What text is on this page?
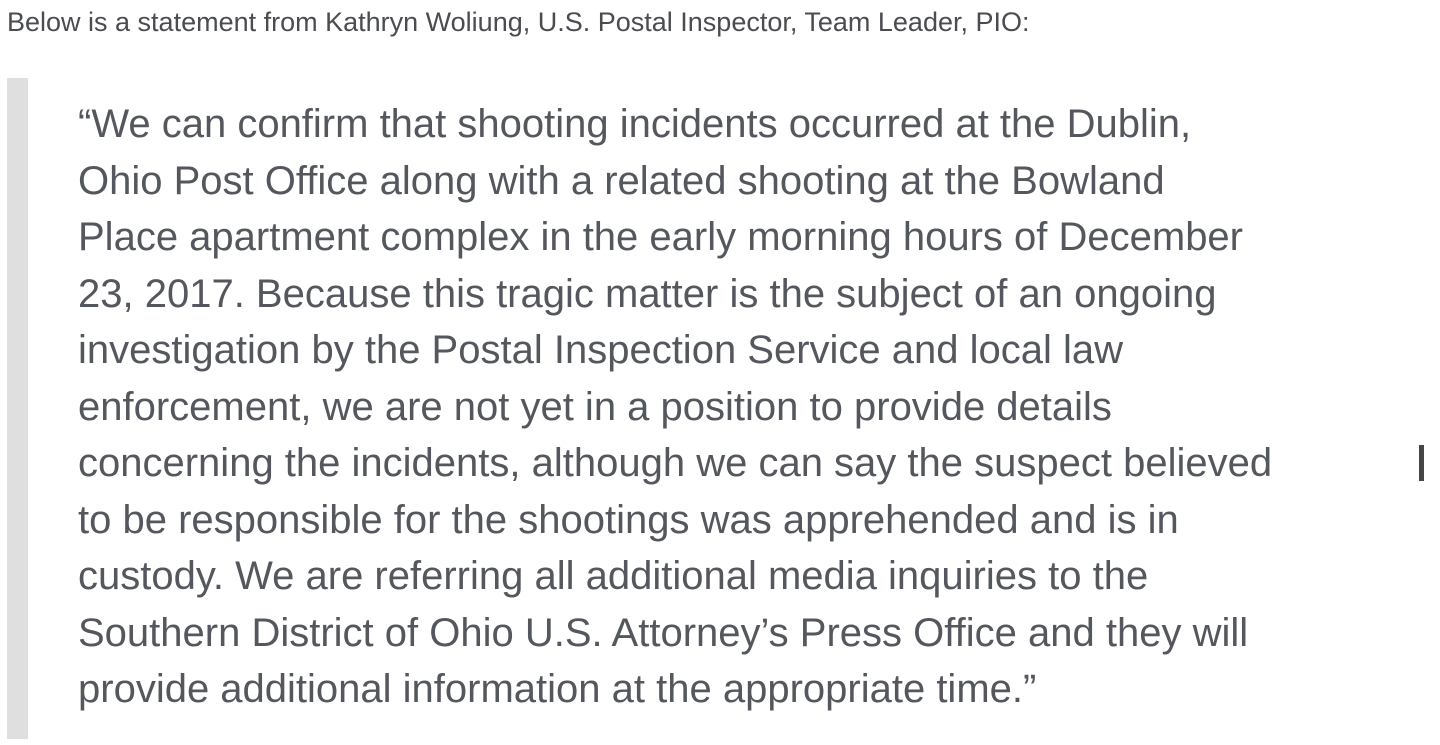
Below is a statement from Kathryn Woliung, U.S. Postal Inspector, Team Leader, PIO:

“We can confirm that shooting incidents occurred at the Dublin,
Ohio Post Office along with a related shooting at the Bowland
Place apartment complex in the early morning hours of December
23, 2017. Because this tragic matter is the subject of an ongoing
investigation by the Postal Inspection Service and local law
enforcement, we are not yet in a position to provide details
concerning the incidents, although we can say the suspect believed
to be responsible for the shootings was apprehended and is in
custody. We are referring all additional media inquiries to the
Southern District of Ohio U.S. Attorney’s Press Office and they will
provide additional information at the appropriate time.”
